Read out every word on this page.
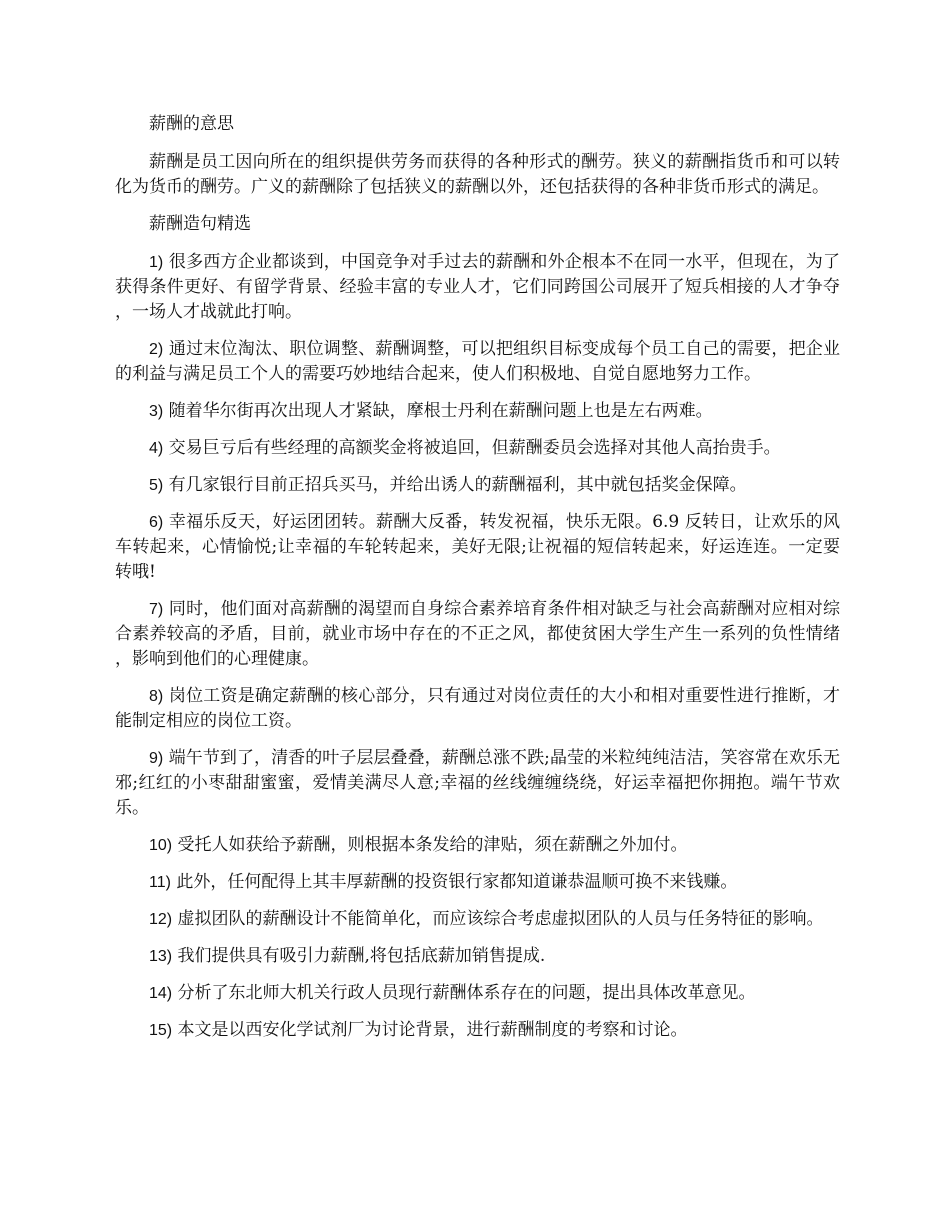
薪酬的意思

薪酬是员工因向所在的组织提供劳务而获得的各种形式的酬劳。狭义的薪酬指货币和可以转化为货币的酬劳。广义的薪酬除了包括狭义的薪酬以外，还包括获得的各种非货币形式的满足。

薪酬造句精选

1) 很多西方企业都谈到，中国竞争对手过去的薪酬和外企根本不在同一水平，但现在，为了获得条件更好、有留学背景、经验丰富的专业人才，它们同跨国公司展开了短兵相接的人才争夺，一场人才战就此打响。

2) 通过末位淘汰、职位调整、薪酬调整，可以把组织目标变成每个员工自己的需要，把企业的利益与满足员工个人的需要巧妙地结合起来，使人们积极地、自觉自愿地努力工作。

3) 随着华尔街再次出现人才紧缺，摩根士丹利在薪酬问题上也是左右两难。

4) 交易巨亏后有些经理的高额奖金将被追回，但薪酬委员会选择对其他人高抬贵手。

5) 有几家银行目前正招兵买马，并给出诱人的薪酬福利，其中就包括奖金保障。

6) 幸福乐反天，好运团团转。薪酬大反番，转发祝福，快乐无限。6.9 反转日，让欢乐的风车转起来，心情愉悦;让幸福的车轮转起来，美好无限;让祝福的短信转起来，好运连连。一定要转哦!

7) 同时，他们面对高薪酬的渴望而自身综合素养培育条件相对缺乏与社会高薪酬对应相对综合素养较高的矛盾，目前，就业市场中存在的不正之风，都使贫困大学生产生一系列的负性情绪，影响到他们的心理健康。

8) 岗位工资是确定薪酬的核心部分，只有通过对岗位责任的大小和相对重要性进行推断，才能制定相应的岗位工资。

9) 端午节到了，清香的叶子层层叠叠，薪酬总涨不跌;晶莹的米粒纯纯洁洁，笑容常在欢乐无邪;红红的小枣甜甜蜜蜜，爱情美满尽人意;幸福的丝线缠缠绕绕，好运幸福把你拥抱。端午节欢乐。

10) 受托人如获给予薪酬，则根据本条发给的津贴，须在薪酬之外加付。

11) 此外，任何配得上其丰厚薪酬的投资银行家都知道谦恭温顺可换不来钱赚。

12) 虚拟团队的薪酬设计不能简单化，而应该综合考虑虚拟团队的人员与任务特征的影响。

13) 我们提供具有吸引力薪酬,将包括底薪加销售提成.

14) 分析了东北师大机关行政人员现行薪酬体系存在的问题，提出具体改革意见。

15) 本文是以西安化学试剂厂为讨论背景，进行薪酬制度的考察和讨论。
